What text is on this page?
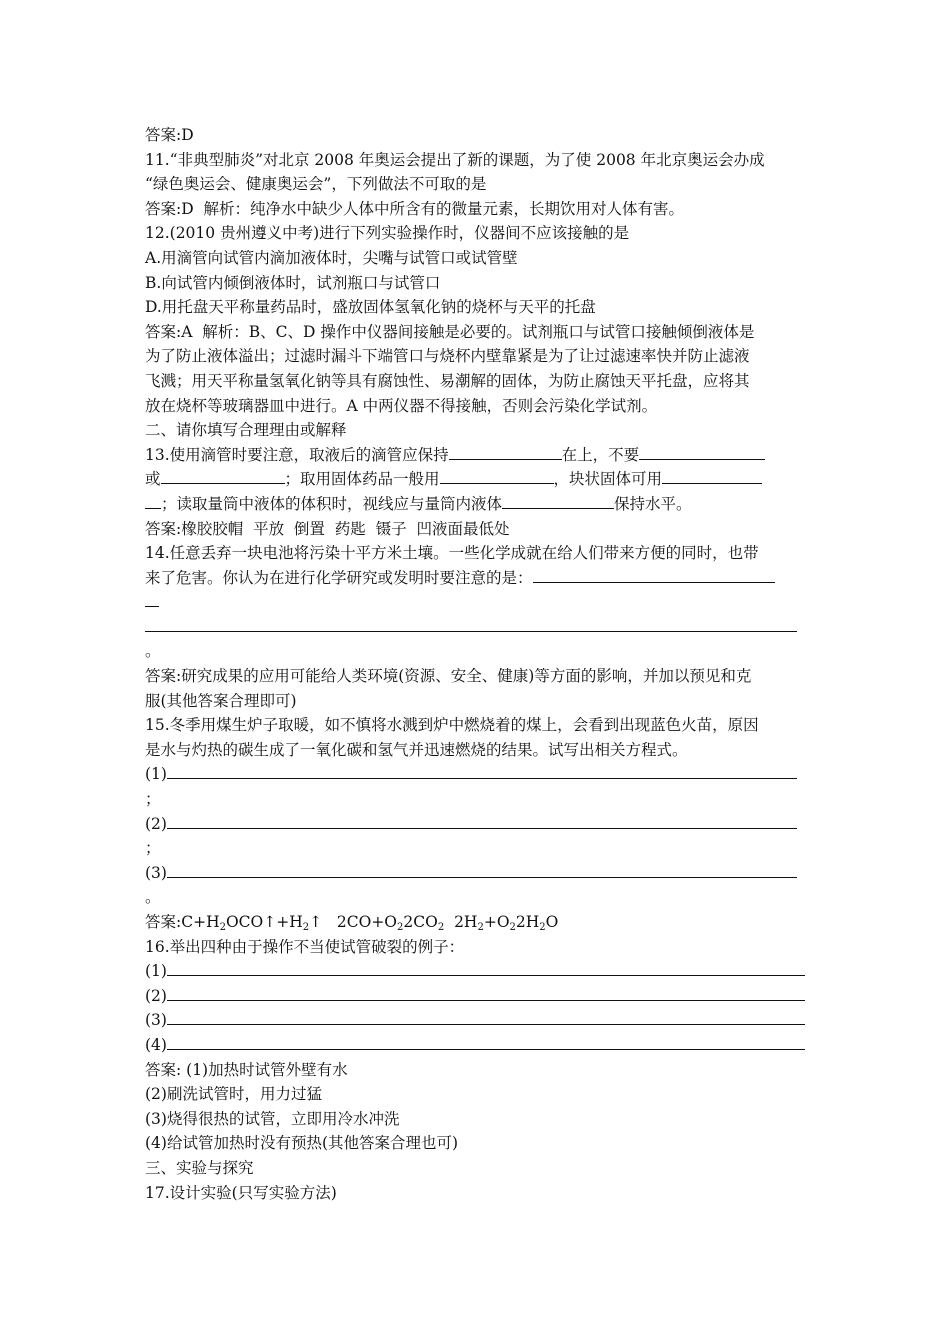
答案:D
11.“非典型肺炎”对北京 2008 年奥运会提出了新的课题，为了使 2008 年北京奥运会办成
“绿色奥运会、健康奥运会”，下列做法不可取的是
答案:D  解析：纯净水中缺少人体中所含有的微量元素，长期饮用对人体有害。
12.(2010 贵州遵义中考)进行下列实验操作时，仪器间不应该接触的是
A.用滴管向试管内滴加液体时，尖嘴与试管口或试管壁
B.向试管内倾倒液体时，试剂瓶口与试管口
D.用托盘天平称量药品时，盛放固体氢氧化钠的烧杯与天平的托盘
答案:A  解析：B、C、D 操作中仪器间接触是必要的。试剂瓶口与试管口接触倾倒液体是
为了防止液体溢出；过滤时漏斗下端管口与烧杯内壁靠紧是为了让过滤速率快并防止滤液
飞溅；用天平称量氢氧化钠等具有腐蚀性、易潮解的固体，为防止腐蚀天平托盘，应将其
放在烧杯等玻璃器皿中进行。A 中两仪器不得接触，否则会污染化学试剂。
二、请你填写合理理由或解释
13.使用滴管时要注意，取液后的滴管应保持	在上，不要
或	；取用固体药品一般用	，块状固体可用
；读取量筒中液体的体积时，视线应与量筒内液体	保持水平。
答案:橡胶胶帽  平放  倒置  药匙  镊子  凹液面最低处
14.任意丢弃一块电池将污染十平方米土壤。一些化学成就在给人们带来方便的同时，也带
来了危害。你认为在进行化学研究或发明时要注意的是：
。
答案:研究成果的应用可能给人类环境(资源、安全、健康)等方面的影响，并加以预见和克
服(其他答案合理即可)
15.冬季用煤生炉子取暖，如不慎将水溅到炉中燃烧着的煤上，会看到出现蓝色火苗，原因
是水与灼热的碳生成了一氧化碳和氢气并迅速燃烧的结果。试写出相关方程式。
(1)
；
(2)
；
(3)
。
答案$:C+H_2OCO↑+H_2↑$   $2CO+O_22CO_2$  $2H_2+O_22H_2O$
16.举出四种由于操作不当使试管破裂的例子：
(1)
(2)
(3)
(4)
答案: (1)加热时试管外壁有水
(2)刷洗试管时，用力过猛
(3)烧得很热的试管，立即用冷水冲洗
(4)给试管加热时没有预热(其他答案合理也可)
三、实验与探究
17.设计实验(只写实验方法)
